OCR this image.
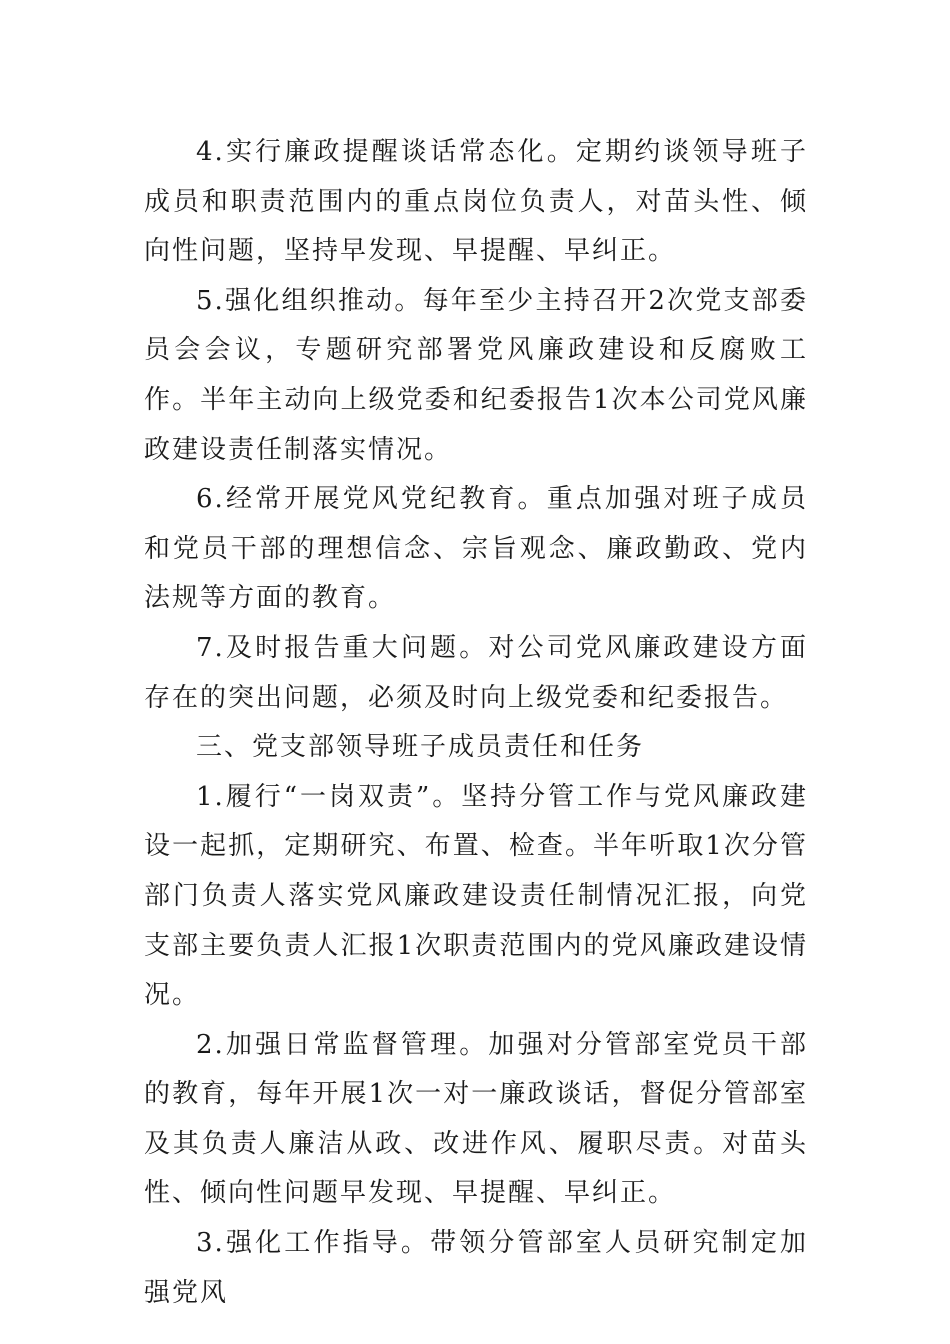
4.实行廉政提醒谈话常态化。定期约谈领导班子成员和职责范围内的重点岗位负责人，对苗头性、倾向性问题，坚持早发现、早提醒、早纠正。

5.强化组织推动。每年至少主持召开2次党支部委员会会议，专题研究部署党风廉政建设和反腐败工作。半年主动向上级党委和纪委报告1次本公司党风廉政建设责任制落实情况。

6.经常开展党风党纪教育。重点加强对班子成员和党员干部的理想信念、宗旨观念、廉政勤政、党内法规等方面的教育。

7.及时报告重大问题。对公司党风廉政建设方面存在的突出问题，必须及时向上级党委和纪委报告。

三、党支部领导班子成员责任和任务

1.履行“一岗双责”。坚持分管工作与党风廉政建设一起抓，定期研究、布置、检查。半年听取1次分管部门负责人落实党风廉政建设责任制情况汇报，向党支部主要负责人汇报1次职责范围内的党风廉政建设情况。

2.加强日常监督管理。加强对分管部室党员干部的教育，每年开展1次一对一廉政谈话，督促分管部室及其负责人廉洁从政、改进作风、履职尽责。对苗头性、倾向性问题早发现、早提醒、早纠正。

3.强化工作指导。带领分管部室人员研究制定加强党风
